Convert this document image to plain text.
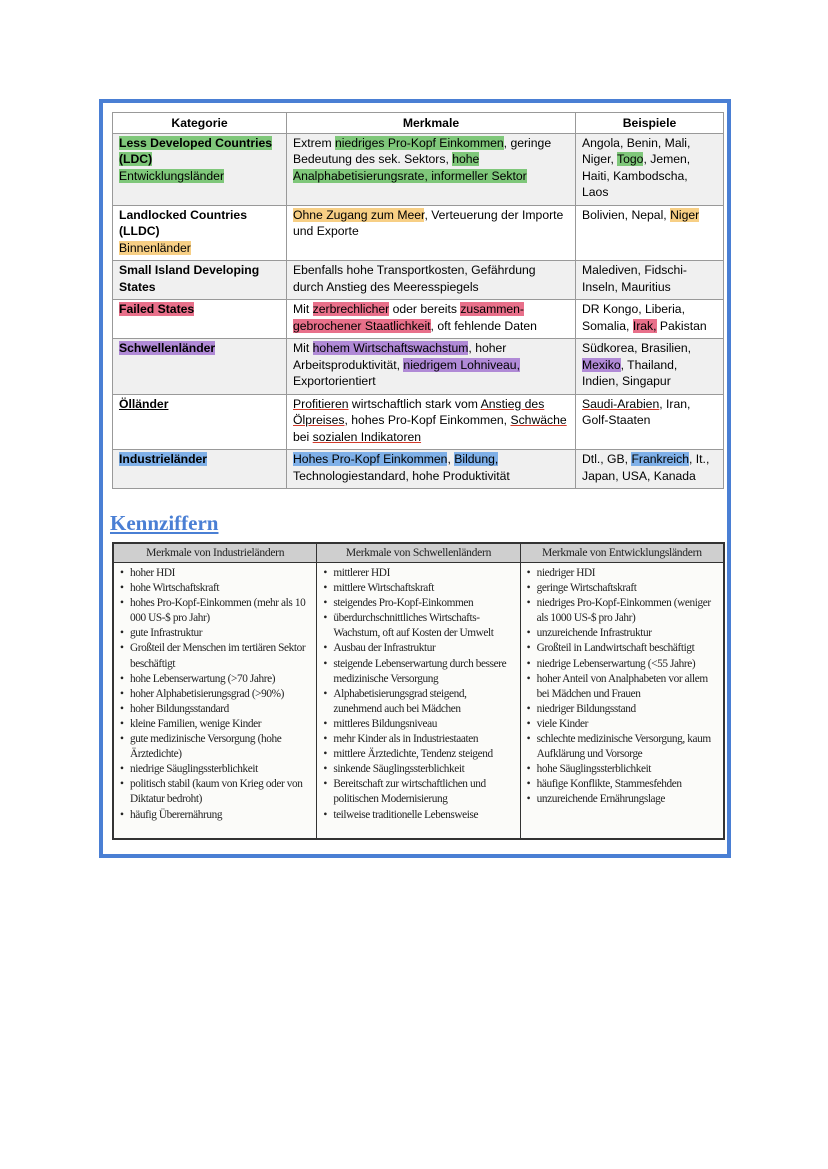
Kategorie	Merkmale	Beispiele
Less Developed Countries (LDC)
Entwicklungsländer	Extrem niedriges Pro-Kopf Einkommen, geringe Bedeutung des sek. Sektors, hohe Analphabetisierungsrate, informeller Sektor	Angola, Benin, Mali, Niger, Togo, Jemen, Haiti, Kambodscha, Laos
Landlocked Countries (LLDC)
Binnenländer	Ohne Zugang zum Meer, Verteuerung der Importe und Exporte	Bolivien, Nepal, Niger
Small Island Developing States	Ebenfalls hohe Transportkosten, Gefährdung durch Anstieg des Meeresspiegels	Malediven, Fidschi-Inseln, Mauritius
Failed States	Mit zerbrechlicher oder bereits zusammen-gebrochener Staatlichkeit, oft fehlende Daten	DR Kongo, Liberia, Somalia, Irak, Pakistan
Schwellenländer	Mit hohem Wirtschaftswachstum, hoher Arbeitsproduktivität, niedrigem Lohniveau, Exportorientiert	Südkorea, Brasilien, Mexiko, Thailand, Indien, Singapur
Ölländer	Profitieren wirtschaftlich stark vom Anstieg des Ölpreises, hohes Pro-Kopf Einkommen, Schwäche bei sozialen Indikatoren	Saudi-Arabien, Iran, Golf-Staaten
Industrieländer	Hohes Pro-Kopf Einkommen, Bildung, Technologiestandard, hohe Produktivität	Dtl., GB, Frankreich, It., Japan, USA, Kanada
Kennziffern
Merkmale von Industrieländern
• hoher HDI
• hohe Wirtschaftskraft
• hohes Pro-Kopf-Einkommen (mehr als 10 000 US-$ pro Jahr)
• gute Infrastruktur
• Großteil der Menschen im tertiären Sektor beschäftigt
• hohe Lebenserwartung (>70 Jahre)
• hoher Alphabetisierungsgrad (>90%)
• hoher Bildungsstandard
• kleine Familien, wenige Kinder
• gute medizinische Versorgung (hohe Ärztedichte)
• niedrige Säuglingssterblichkeit
• politisch stabil (kaum von Krieg oder von Diktatur bedroht)
• häufig Überernährung
Merkmale von Schwellenländern
• mittlerer HDI
• mittlere Wirtschaftskraft
• steigendes Pro-Kopf-Einkommen
• überdurchschnittliches Wirtschafts-Wachstum, oft auf Kosten der Umwelt
• Ausbau der Infrastruktur
• steigende Lebenserwartung durch bessere medizinische Versorgung
• Alphabetisierungsgrad steigend, zunehmend auch bei Mädchen
• mittleres Bildungsniveau
• mehr Kinder als in Industriestaaten
• mittlere Ärztedichte, Tendenz steigend
• sinkende Säuglingssterblichkeit
• Bereitschaft zur wirtschaftlichen und politischen Modernisierung
• teilweise traditionelle Lebensweise
Merkmale von Entwicklungsländern
• niedriger HDI
• geringe Wirtschaftskraft
• niedriges Pro-Kopf-Einkommen (weniger als 1000 US-$ pro Jahr)
• unzureichende Infrastruktur
• Großteil in Landwirtschaft beschäftigt
• niedrige Lebenserwartung (<55 Jahre)
• hoher Anteil von Analphabeten vor allem bei Mädchen und Frauen
• niedriger Bildungsstand
• viele Kinder
• schlechte medizinische Versorgung, kaum Aufklärung und Vorsorge
• hohe Säuglingssterblichkeit
• häufige Konflikte, Stammesfehden
• unzureichende Ernährungslage
